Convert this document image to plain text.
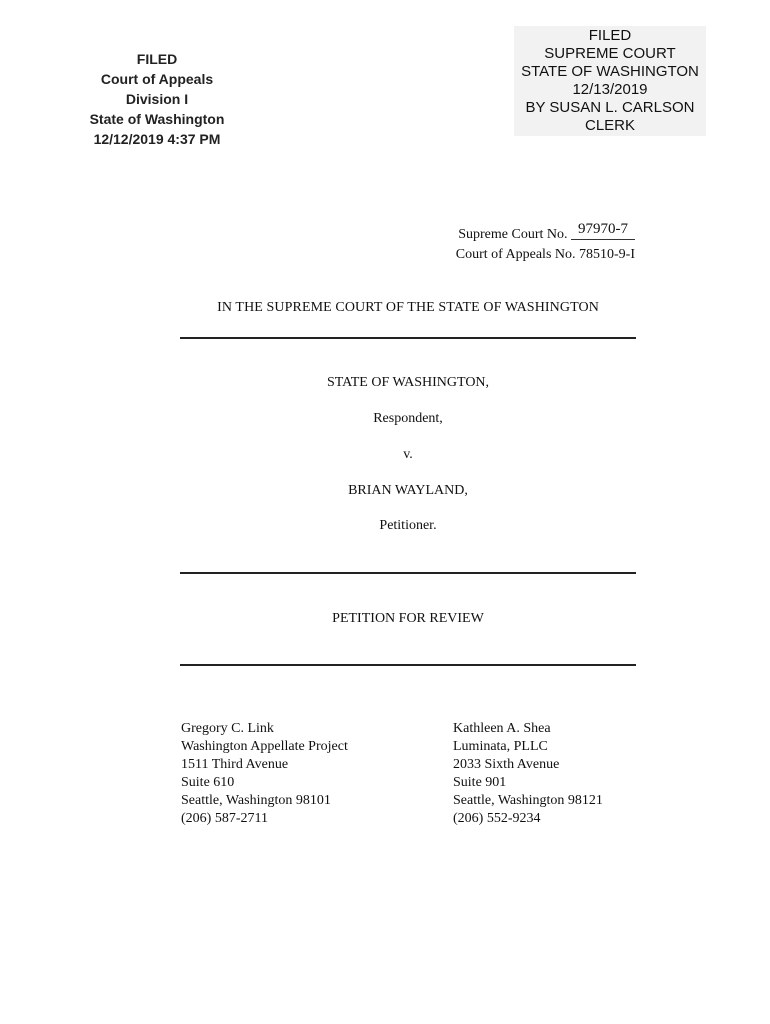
FILED
Court of Appeals
Division I
State of Washington
12/12/2019 4:37 PM
FILED
SUPREME COURT
STATE OF WASHINGTON
12/13/2019
BY SUSAN L. CARLSON
CLERK
Supreme Court No. 97970-7
Court of Appeals No. 78510-9-I
IN THE SUPREME COURT OF THE STATE OF WASHINGTON
STATE OF WASHINGTON,
Respondent,
v.
BRIAN WAYLAND,
Petitioner.
PETITION FOR REVIEW
Gregory C. Link
Washington Appellate Project
1511 Third Avenue
Suite 610
Seattle, Washington 98101
(206) 587-2711
Kathleen A. Shea
Luminata, PLLC
2033 Sixth Avenue
Suite 901
Seattle, Washington 98121
(206) 552-9234
